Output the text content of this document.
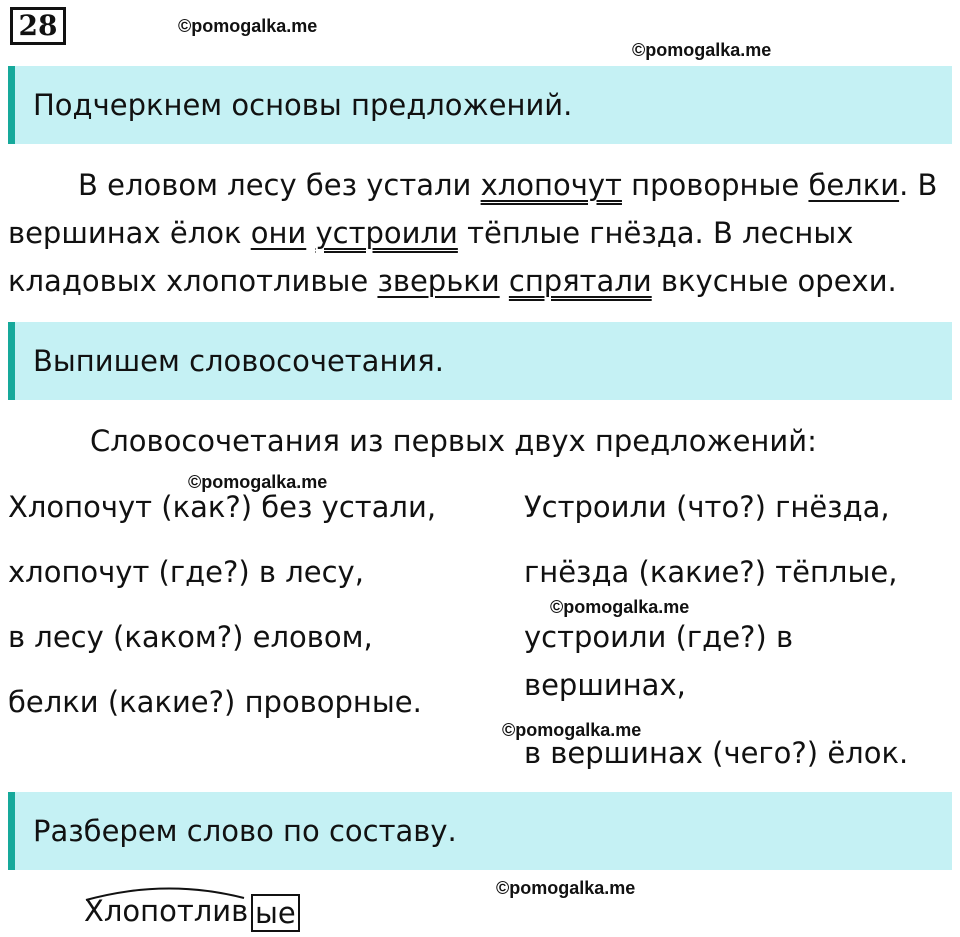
28	©pomogalka.me
©pomogalka.me
Подчеркнем основы предложений.
В еловом лесу без устали хлопочут проворные белки. В
вершинах ёлок они устроили тёплые гнёзда. В лесных
кладовых хлопотливые зверьки спрятали вкусные орехи.
Выпишем словосочетания.
Словосочетания из первых двух предложений:
©pomogalka.me
Хлопочут (как?) без устали,
хлопочут (где?) в лесу,
в лесу (каком?) еловом,
белки (какие?) проворные.
Устроили (что?) гнёзда,
гнёзда (какие?) тёплые,
©pomogalka.me
устроили (где?) в
вершинах,
©pomogalka.me
в вершинах (чего?) ёлок.
Разберем слово по составу.
©pomogalka.me
Хлопотлив ые
